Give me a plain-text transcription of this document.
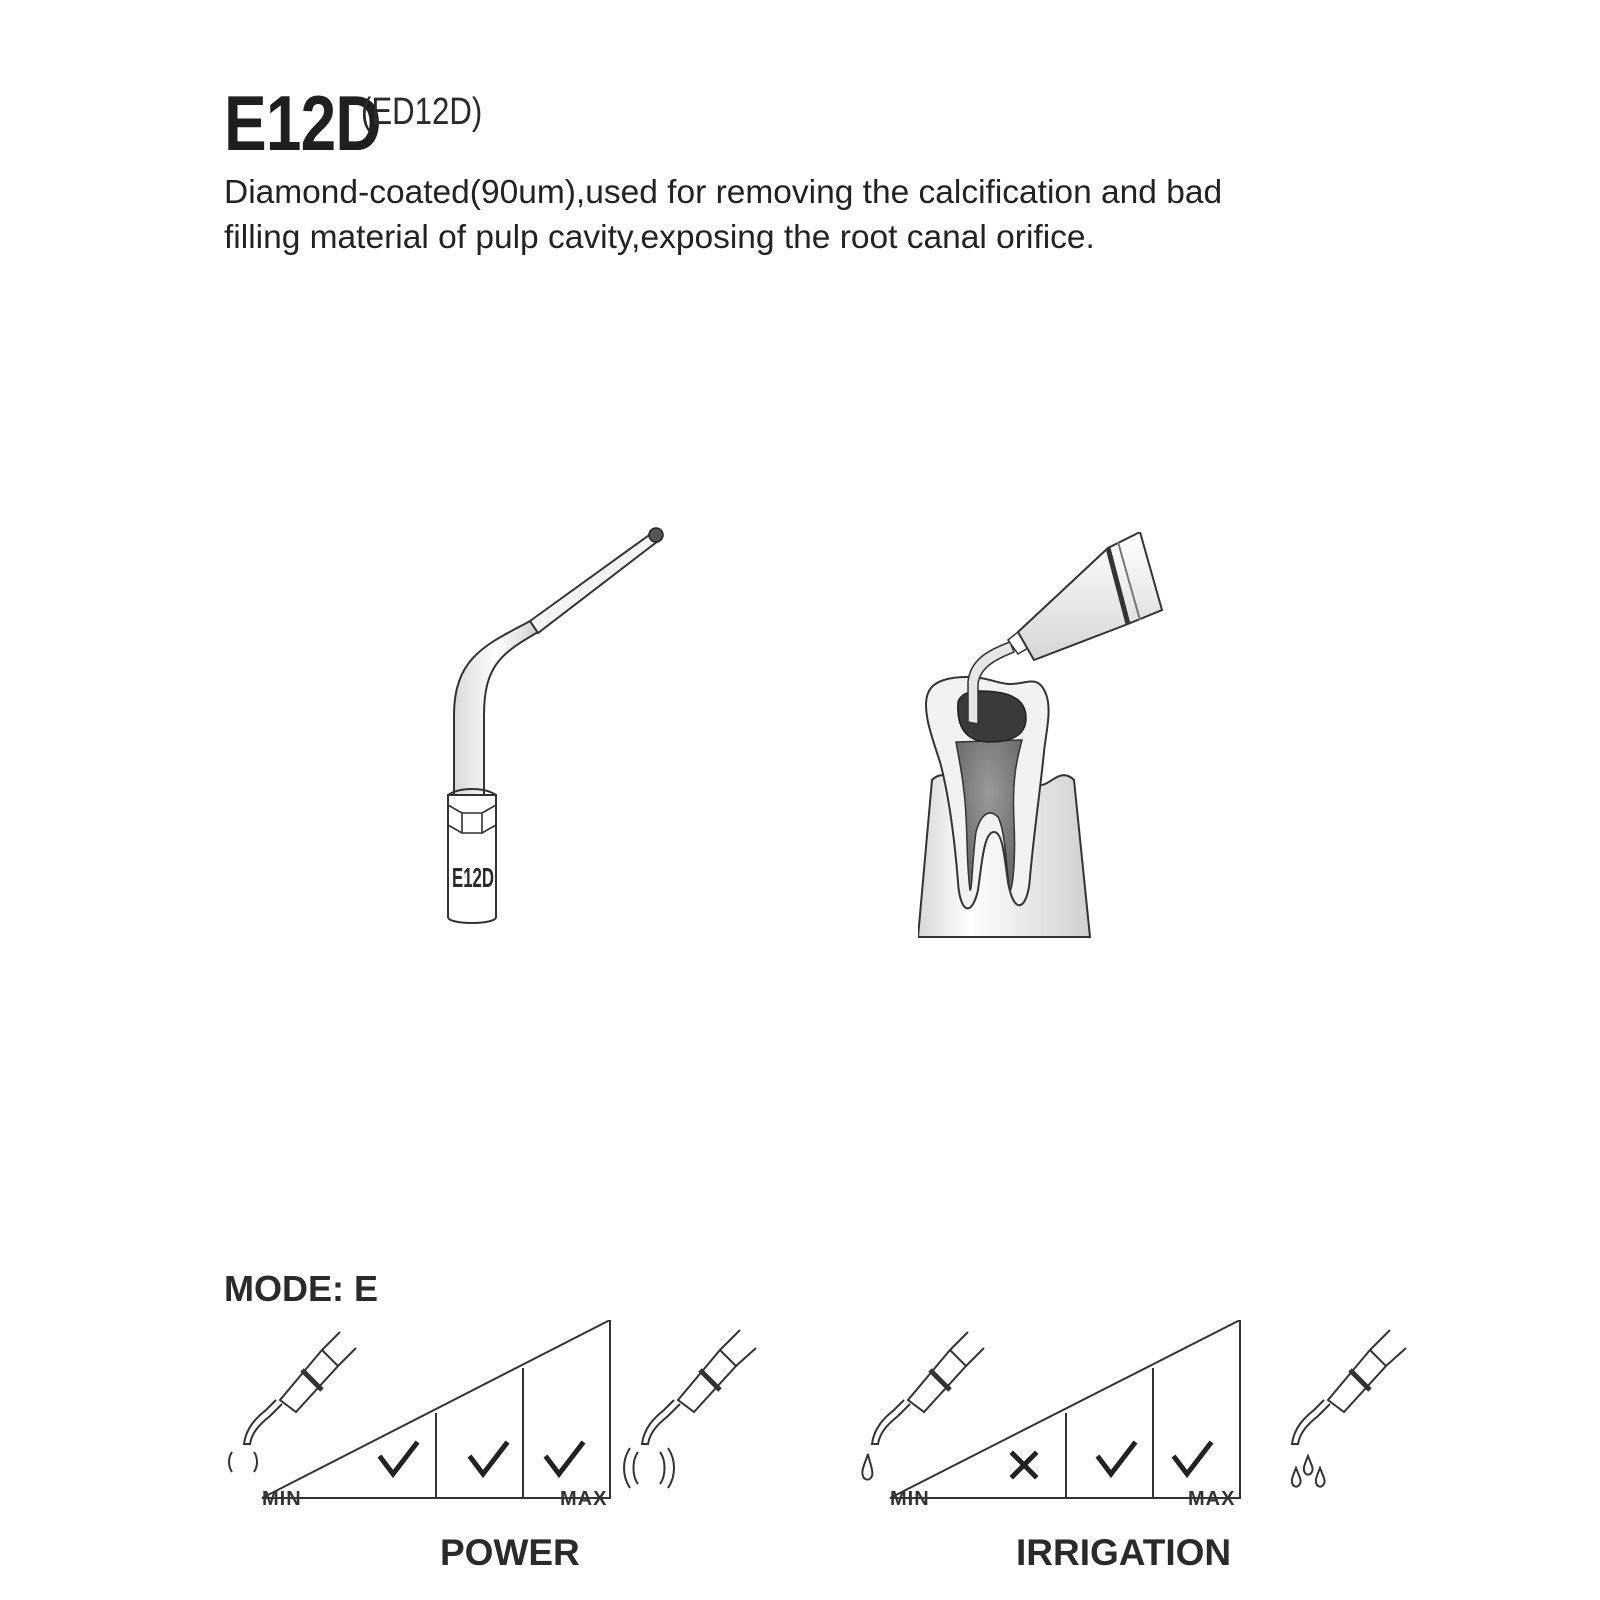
E12D(ED12D)
Diamond-coated(90um),used for removing the calcification and bad
filling material of pulp cavity,exposing the root canal orifice.
E12D
MODE: E
MIN	MAX
POWER
MIN	MAX
IRRIGATION
